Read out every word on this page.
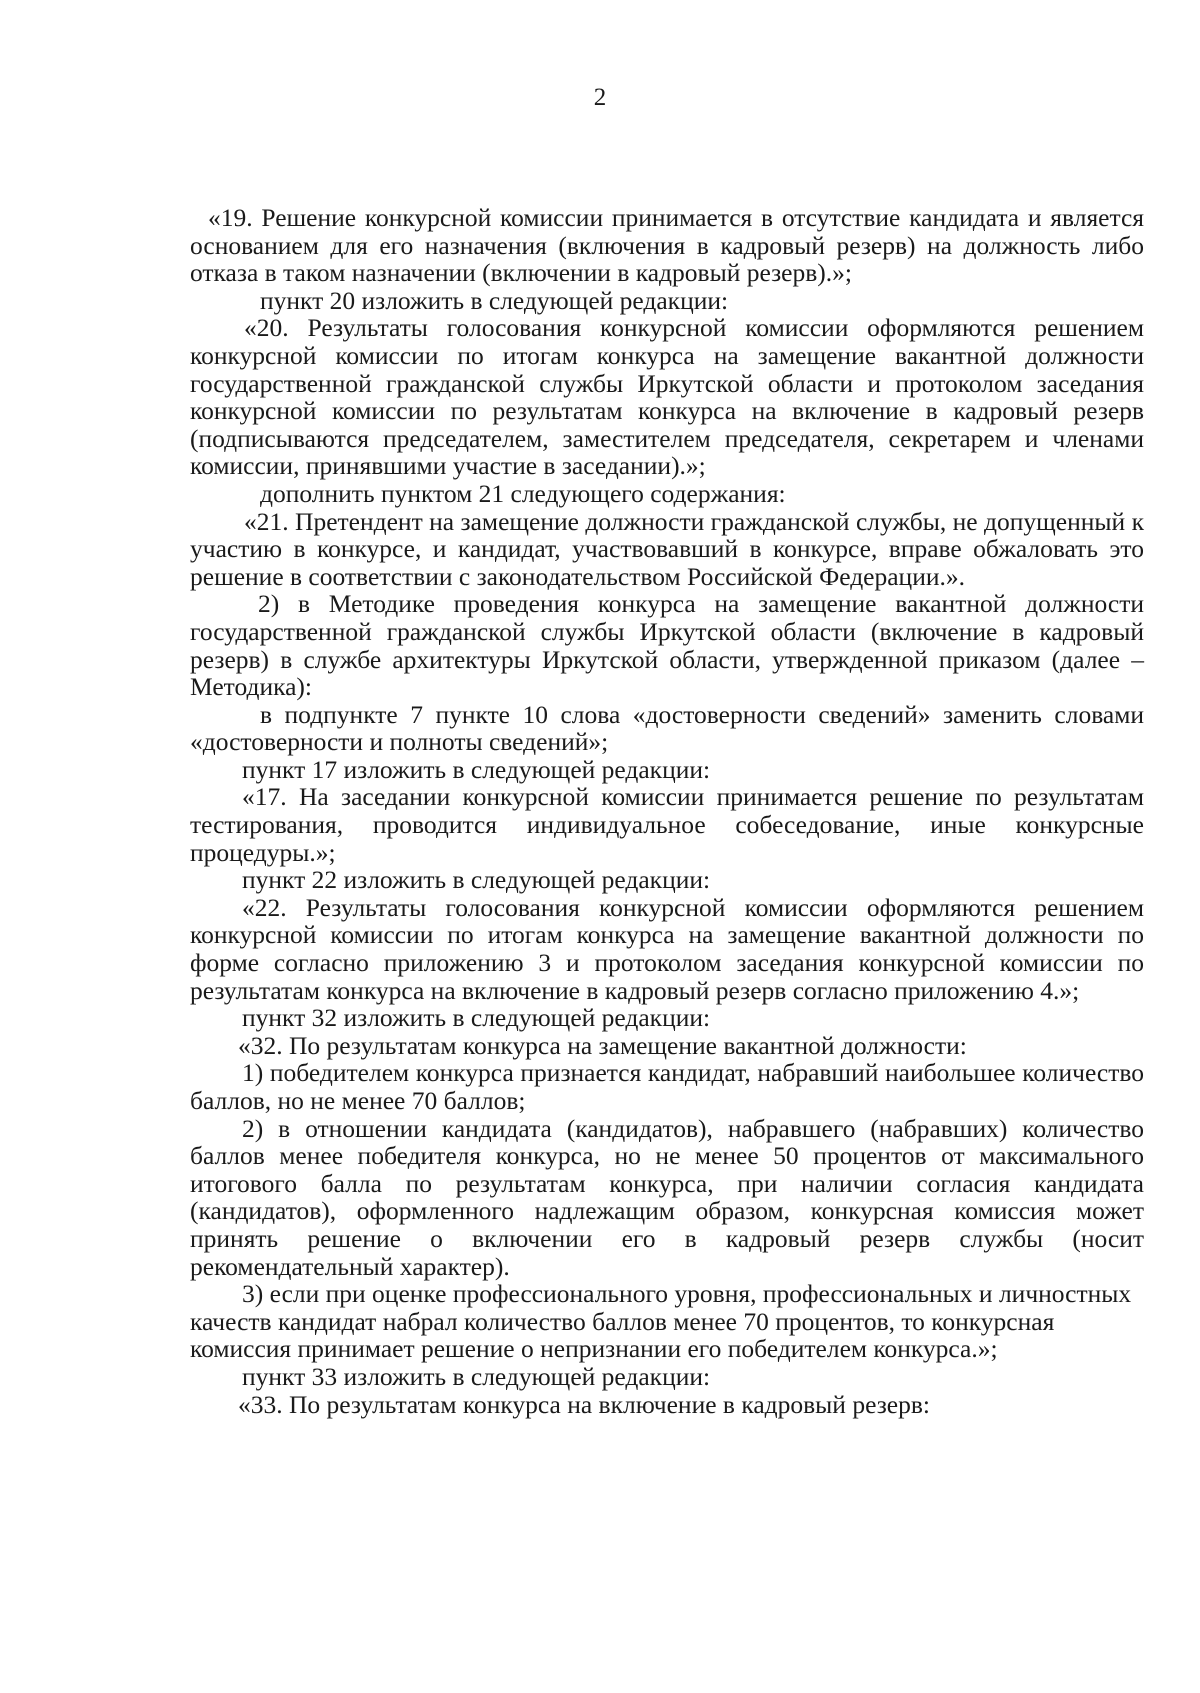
2

«19. Решение конкурсной комиссии принимается в отсутствие кандидата и является основанием для его назначения (включения в кадровый резерв) на должность либо отказа в таком назначении (включении в кадровый резерв).»;

пункт 20 изложить в следующей редакции:

«20. Результаты голосования конкурсной комиссии оформляются решением конкурсной комиссии по итогам конкурса на замещение вакантной должности государственной гражданской службы Иркутской области и протоколом заседания конкурсной комиссии по результатам конкурса на включение в кадровый резерв (подписываются председателем, заместителем председателя, секретарем и членами комиссии, принявшими участие в заседании).»;

дополнить пунктом 21 следующего содержания:

«21. Претендент на замещение должности гражданской службы, не допущенный к участию в конкурсе, и кандидат, участвовавший в конкурсе, вправе обжаловать это решение в соответствии с законодательством Российской Федерации.».

2) в Методике проведения конкурса на замещение вакантной должности государственной гражданской службы Иркутской области (включение в кадровый резерв) в службе архитектуры Иркутской области, утвержденной приказом (далее – Методика):

в подпункте 7 пункте 10 слова «достоверности сведений» заменить словами «достоверности и полноты сведений»;

пункт 17 изложить в следующей редакции:

«17. На заседании конкурсной комиссии принимается решение по результатам тестирования, проводится индивидуальное собеседование, иные конкурсные процедуры.»;

пункт 22 изложить в следующей редакции:

«22. Результаты голосования конкурсной комиссии оформляются решением конкурсной комиссии по итогам конкурса на замещение вакантной должности по форме согласно приложению 3 и протоколом заседания конкурсной комиссии по результатам конкурса на включение в кадровый резерв согласно приложению 4.»;

пункт 32 изложить в следующей редакции:

«32. По результатам конкурса на замещение вакантной должности:

1) победителем конкурса признается кандидат, набравший наибольшее количество баллов, но не менее 70 баллов;

2) в отношении кандидата (кандидатов), набравшего (набравших) количество баллов менее победителя конкурса, но не менее 50 процентов от максимального итогового балла по результатам конкурса, при наличии согласия кандидата (кандидатов), оформленного надлежащим образом, конкурсная комиссия может принять решение о включении его в кадровый резерв службы (носит рекомендательный характер).

3) если при оценке профессионального уровня, профессиональных и личностных качеств кандидат набрал количество баллов менее 70 процентов, то конкурсная комиссия принимает решение о непризнании его победителем конкурса.»;

пункт 33 изложить в следующей редакции:

«33. По результатам конкурса на включение в кадровый резерв:
